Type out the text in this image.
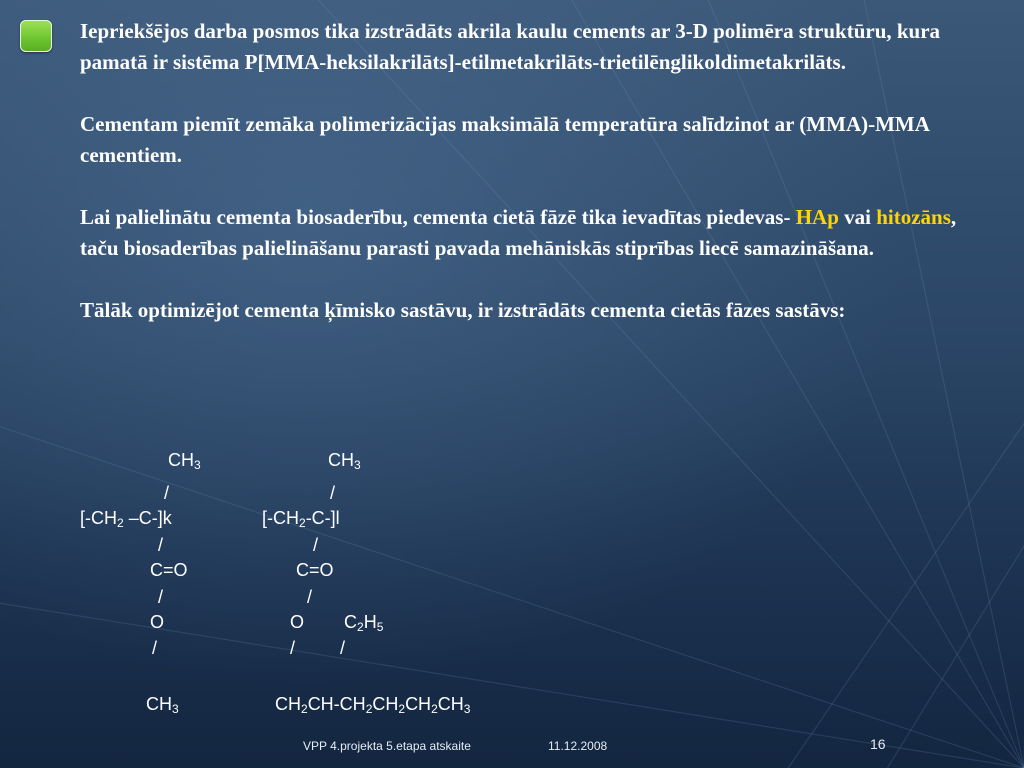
Iepriekšējos darba posmos tika izstrādāts akrila kaulu cements ar 3-D polimēra struktūru, kura pamatā ir sistēma P[MMA-heksilakrilāts]-etilmetakrilāts-trietilēnglikoldimetakrilāts.

Cementam piemīt zemāka polimerizācijas maksimālā temperatūra salīdzinot ar (MMA)-MMA cementiem.

Lai palielinātu cementa biosaderību, cementa cietā fāzē tika ievadītas piedevas- HAp vai hitozāns, taču biosaderības palielināšanu parasti pavada mehāniskās stiprības liecē samazināšana.

Tālāk optimizējot cementa ķīmisko sastāvu, ir izstrādāts cementa cietās fāzes sastāvs:

$CH_3$	$CH_3$
/	/
[$-CH_2$ –C-]k	$[-CH_2-C-]l$
/	/
C=O	C=O
/	/
O	O $C_2H_5$
/	/ /
$CH_3$	$CH_2CH-CH_2CH_2CH_2CH_3$
VPP 4.projekta 5.etapa atskaite	11.12.2008	16
